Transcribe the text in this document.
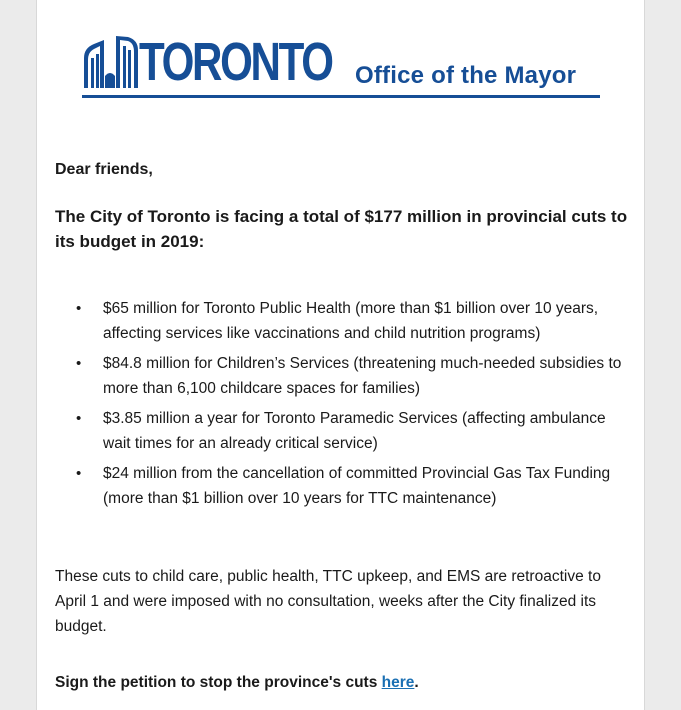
TORONTO Office of the Mayor
Dear friends,
The City of Toronto is facing a total of $177 million in provincial cuts to its budget in 2019:
• $65 million for Toronto Public Health (more than $1 billion over 10 years, affecting services like vaccinations and child nutrition programs)
• $84.8 million for Children’s Services (threatening much-needed subsidies to more than 6,100 childcare spaces for families)
• $3.85 million a year for Toronto Paramedic Services (affecting ambulance wait times for an already critical service)
• $24 million from the cancellation of committed Provincial Gas Tax Funding (more than $1 billion over 10 years for TTC maintenance)
These cuts to child care, public health, TTC upkeep, and EMS are retroactive to April 1 and were imposed with no consultation, weeks after the City finalized its budget.
Sign the petition to stop the province's cuts here.
